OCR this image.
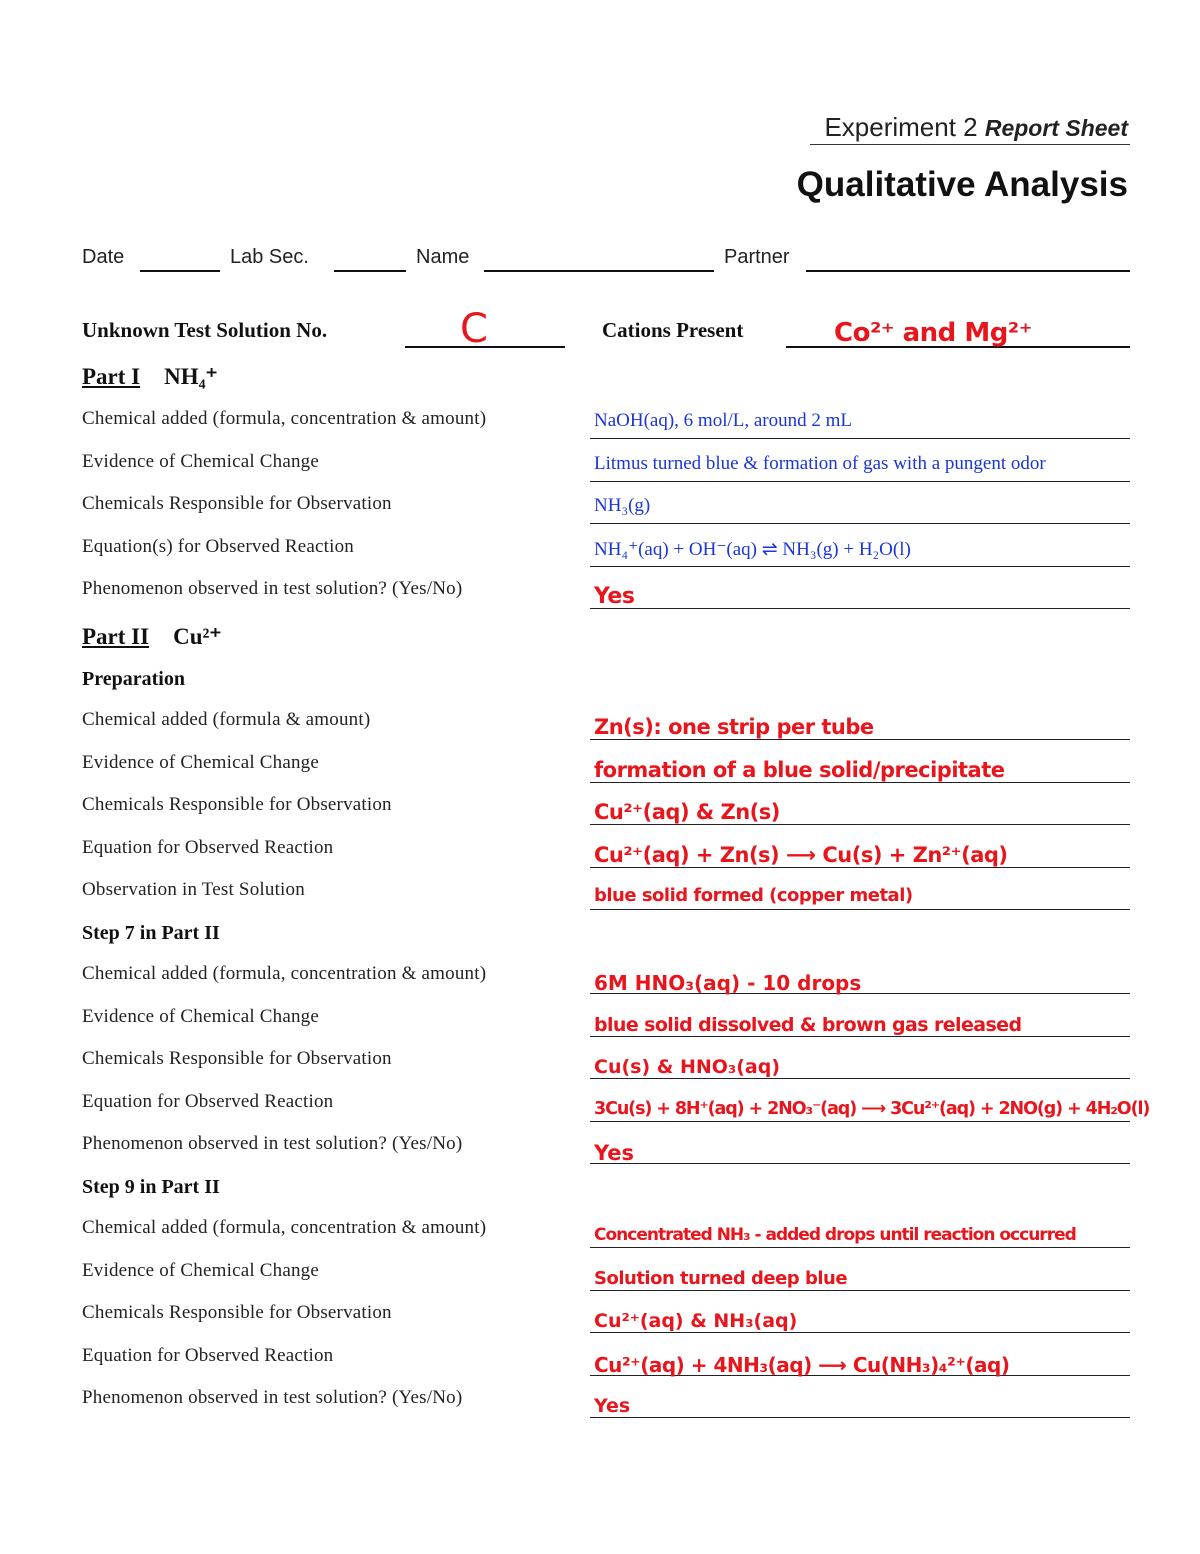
Experiment 2 Report Sheet
Qualitative Analysis
Date	Lab Sec.	Name	Partner
Unknown Test Solution No.	C	Cations Present	Co²⁺ and Mg²⁺
Part I NH₄⁺
Chemical added (formula, concentration & amount)	NaOH(aq), 6 mol/L, around 2 mL
Evidence of Chemical Change	Litmus turned blue & formation of gas with a pungent odor
Chemicals Responsible for Observation	NH₃(g)
Equation(s) for Observed Reaction	NH₄⁺(aq) + OH⁻(aq) ⇌ NH₃(g) + H₂O(l)
Phenomenon observed in test solution? (Yes/No)	Yes
Part II Cu²⁺
Preparation
Chemical added (formula & amount)	Zn(s): one strip per tube
Evidence of Chemical Change	formation of a blue solid/precipitate
Chemicals Responsible for Observation	Cu²⁺(aq) & Zn(s)
Equation for Observed Reaction	Cu²⁺(aq) + Zn(s) ⟶ Cu(s) + Zn²⁺(aq)
Observation in Test Solution	blue solid formed (copper metal)
Step 7 in Part II
Chemical added (formula, concentration & amount)	6M HNO₃(aq) - 10 drops
Evidence of Chemical Change	blue solid dissolved & brown gas released
Chemicals Responsible for Observation	Cu(s) & HNO₃(aq)
Equation for Observed Reaction	3Cu(s) + 8H⁺(aq) + 2NO₃⁻(aq) ⟶ 3Cu²⁺(aq) + 2NO(g) + 4H₂O(l)
Phenomenon observed in test solution? (Yes/No)	Yes
Step 9 in Part II
Chemical added (formula, concentration & amount)	Concentrated NH₃ - added drops until reaction occurred
Evidence of Chemical Change	Solution turned deep blue
Chemicals Responsible for Observation	Cu²⁺(aq) & NH₃(aq)
Equation for Observed Reaction	Cu²⁺(aq) + 4NH₃(aq) ⟶ Cu(NH₃)₄²⁺(aq)
Phenomenon observed in test solution? (Yes/No)	Yes
